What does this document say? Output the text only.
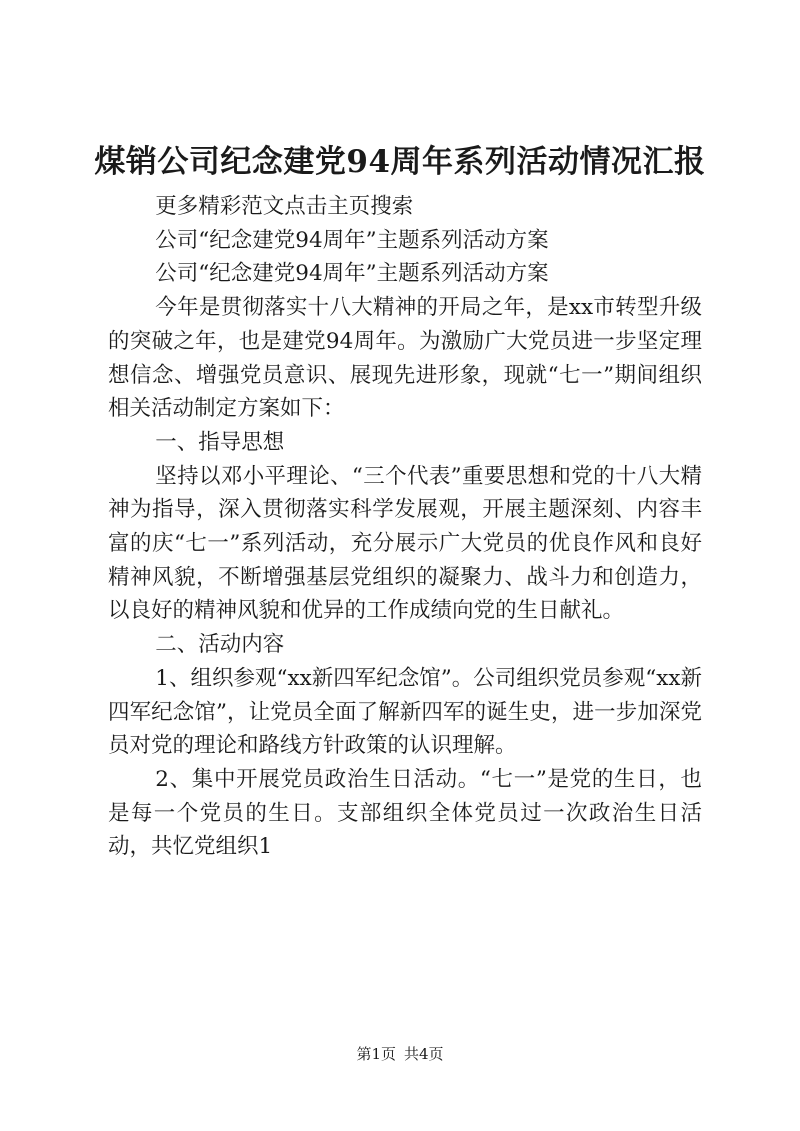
煤销公司纪念建党94周年系列活动情况汇报

更多精彩范文点击主页搜索

公司“纪念建党94周年”主题系列活动方案

公司“纪念建党94周年”主题系列活动方案

今年是贯彻落实十八大精神的开局之年，是xx市转型升级的突破之年，也是建党94周年。为激励广大党员进一步坚定理想信念、增强党员意识、展现先进形象，现就“七一”期间组织相关活动制定方案如下：

一、指导思想

坚持以邓小平理论、“三个代表”重要思想和党的十八大精神为指导，深入贯彻落实科学发展观，开展主题深刻、内容丰富的庆“七一”系列活动，充分展示广大党员的优良作风和良好精神风貌，不断增强基层党组织的凝聚力、战斗力和创造力，以良好的精神风貌和优异的工作成绩向党的生日献礼。

二、活动内容

1、组织参观“xx新四军纪念馆”。公司组织党员参观“xx新四军纪念馆”，让党员全面了解新四军的诞生史，进一步加深党员对党的理论和路线方针政策的认识理解。

2、集中开展党员政治生日活动。“七一”是党的生日，也是每一个党员的生日。支部组织全体党员过一次政治生日活动，共忆党组织1

第1页 共4页
